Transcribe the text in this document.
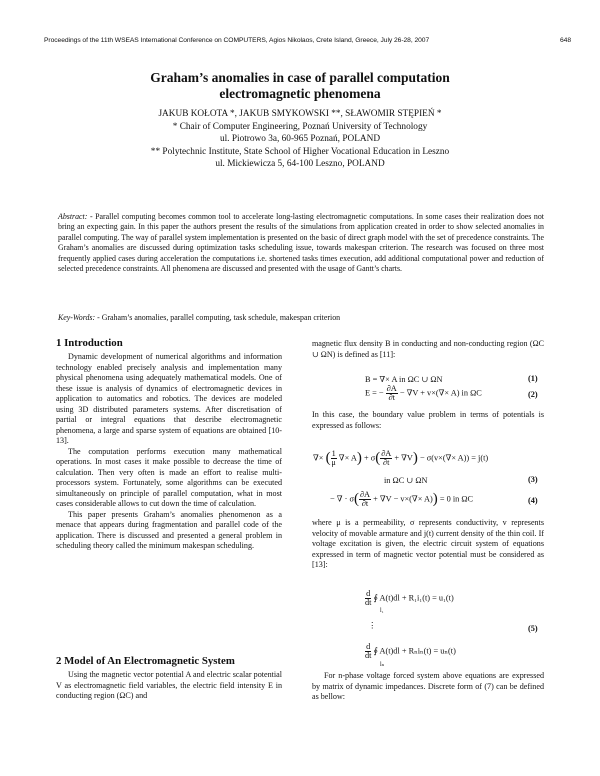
Proceedings of the 11th WSEAS International Conference on COMPUTERS, Agios Nikolaos, Crete Island, Greece, July 26-28, 2007	648
Graham’s anomalies in case of parallel computation
electromagnetic phenomena
JAKUB KOŁOTA *, JAKUB SMYKOWSKI **, SŁAWOMIR STĘPIEŃ *
* Chair of Computer Engineering, Poznań University of Technology
ul. Piotrowo 3a, 60-965 Poznań, POLAND
** Polytechnic Institute, State School of Higher Vocational Education in Leszno
ul. Mickiewicza 5, 64-100 Leszno, POLAND
Abstract: - Parallel computing becomes common tool to accelerate long-lasting electromagnetic computations. In some cases their realization does not bring an expecting gain. In this paper the authors present the results of the simulations from application created in order to show selected anomalies in parallel computing. The way of parallel system implementation is presented on the basic of direct graph model with the set of precedence constraints. The Graham’s anomalies are discussed during optimization tasks scheduling issue, towards makespan criterion. The research was focused on three most frequently applied cases during acceleration the computations i.e. shortened tasks times execution, add additional computational power and reduction of selected precedence constraints. All phenomena are discussed and presented with the usage of Gantt’s charts.
Key-Words: - Graham’s anomalies, parallel computing, task schedule, makespan criterion
1 Introduction

Dynamic development of numerical algorithms and information technology enabled precisely analysis and implementation many physical phenomena using adequately mathematical models. One of these issue is analysis of dynamics of electromagnetic devices in application to automatics and robotics. The devices are modeled using 3D distributed parameters systems. After discretisation of partial or integral equations that describe electromagnetic phenomena, a large and sparse system of equations are obtained [10-13].

The computation performs execution many mathematical operations. In most cases it make possible to decrease the time of calculation. Then very often is made an effort to realise multi-processors system. Fortunately, some algorithms can be executed simultaneously on principle of parallel computation, what in most cases considerable allows to cut down the time of calculation.

This paper presents Graham’s anomalies phenomenon as a menace that appears during fragmentation and parallel code of the application. There is discussed and presented a general problem in scheduling theory called the minimum makespan scheduling.

2 Model of An Electromagnetic System

Using the magnetic vector potential A and electric scalar potential V as electromagnetic field variables, the electric field intensity E in conducting region (ΩC) and

magnetic flux density B in conducting and non-conducting region (ΩC ∪ ΩN) is defined as [11]:

B = ∇× A in ΩC ∪ ΩN	(1)
E = − $\frac{\partial A}{\partial t} - \nabla V + v\times(\nabla\times A)$ in ΩC	(2)

In this case, the boundary value problem in terms of potentials is expressed as follows:

∇× ( $\frac{1}{\mu}$ ∇× $A) + \sigma( \frac{\partial A}{\partial t} + \nabla V) - \sigma(v\times(\nabla\times A)) = j(t)$
in ΩC ∪ ΩN	(3)
− ∇ · $\sigma( \frac{\partial A}{\partial t} + \nabla V - v\times(\nabla\times A)) = 0$ in ΩC	(4)

where μ is a permeability, σ represents conductivity, v represents velocity of movable armature and j(t) current density of the thin coil. If voltage excitation is given, the electric circuit system of equations expressed in term of magnetic vector potential must be considered as [13]:

$\frac{d}{dt}$ ∮ A(t)dl + R₁i₁(t) = u₁(t)
l₁
⋮	(5)
$\frac{d}{dt}$ ∮ A(t)dl + Rₙiₙ(t) = uₙ(t)
lₙ

For n-phase voltage forced system above equations are expressed by matrix of dynamic impedances. Discrete form of (7) can be defined as bellow:
